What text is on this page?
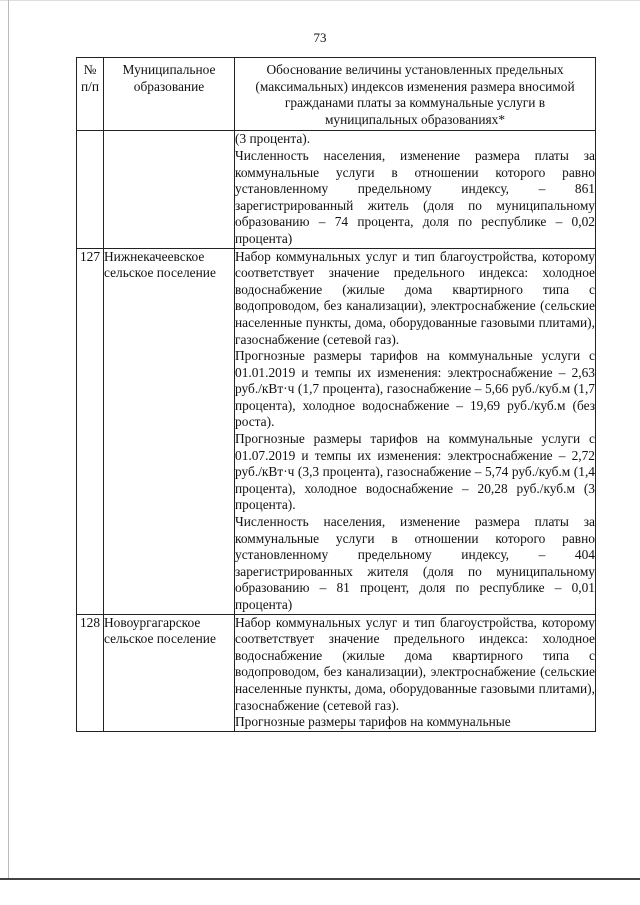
73
№ п/п	Муниципальное образование	Обоснование величины установленных предельных (максимальных) индексов изменения размера вносимой гражданами платы за коммунальные услуги в муниципальных образованиях*

		(3 процента).

Численность населения, изменение размера платы за коммунальные услуги в отношении которого равно установленному предельному индексу, – 861 зарегистрированный житель (доля по муниципальному образованию – 74 процента, доля по республике – 0,02 процента)

127	Нижнекачеевское сельское поселение	Набор коммунальных услуг и тип благоустройства, которому соответствует значение предельного индекса: холодное водоснабжение (жилые дома квартирного типа с водопроводом, без канализации), электроснабжение (сельские населенные пункты, дома, оборудованные газовыми плитами), газоснабжение (сетевой газ).

Прогнозные размеры тарифов на коммунальные услуги с 01.01.2019 и темпы их изменения: электроснабжение – 2,63 руб./кВт·ч (1,7 процента), газоснабжение – 5,66 руб./куб.м (1,7 процента), холодное водоснабжение – 19,69 руб./куб.м (без роста).

Прогнозные размеры тарифов на коммунальные услуги с 01.07.2019 и темпы их изменения: электроснабжение – 2,72 руб./кВт·ч (3,3 процента), газоснабжение – 5,74 руб./куб.м (1,4 процента), холодное водоснабжение – 20,28 руб./куб.м (3 процента).

Численность населения, изменение размера платы за коммунальные услуги в отношении которого равно установленному предельному индексу, – 404 зарегистрированных жителя (доля по муниципальному образованию – 81 процент, доля по республике – 0,01 процента)

128	Новоургагарское сельское поселение	Набор коммунальных услуг и тип благоустройства, которому соответствует значение предельного индекса: холодное водоснабжение (жилые дома квартирного типа с водопроводом, без канализации), электроснабжение (сельские населенные пункты, дома, оборудованные газовыми плитами), газоснабжение (сетевой газ).

Прогнозные размеры тарифов на коммунальные
